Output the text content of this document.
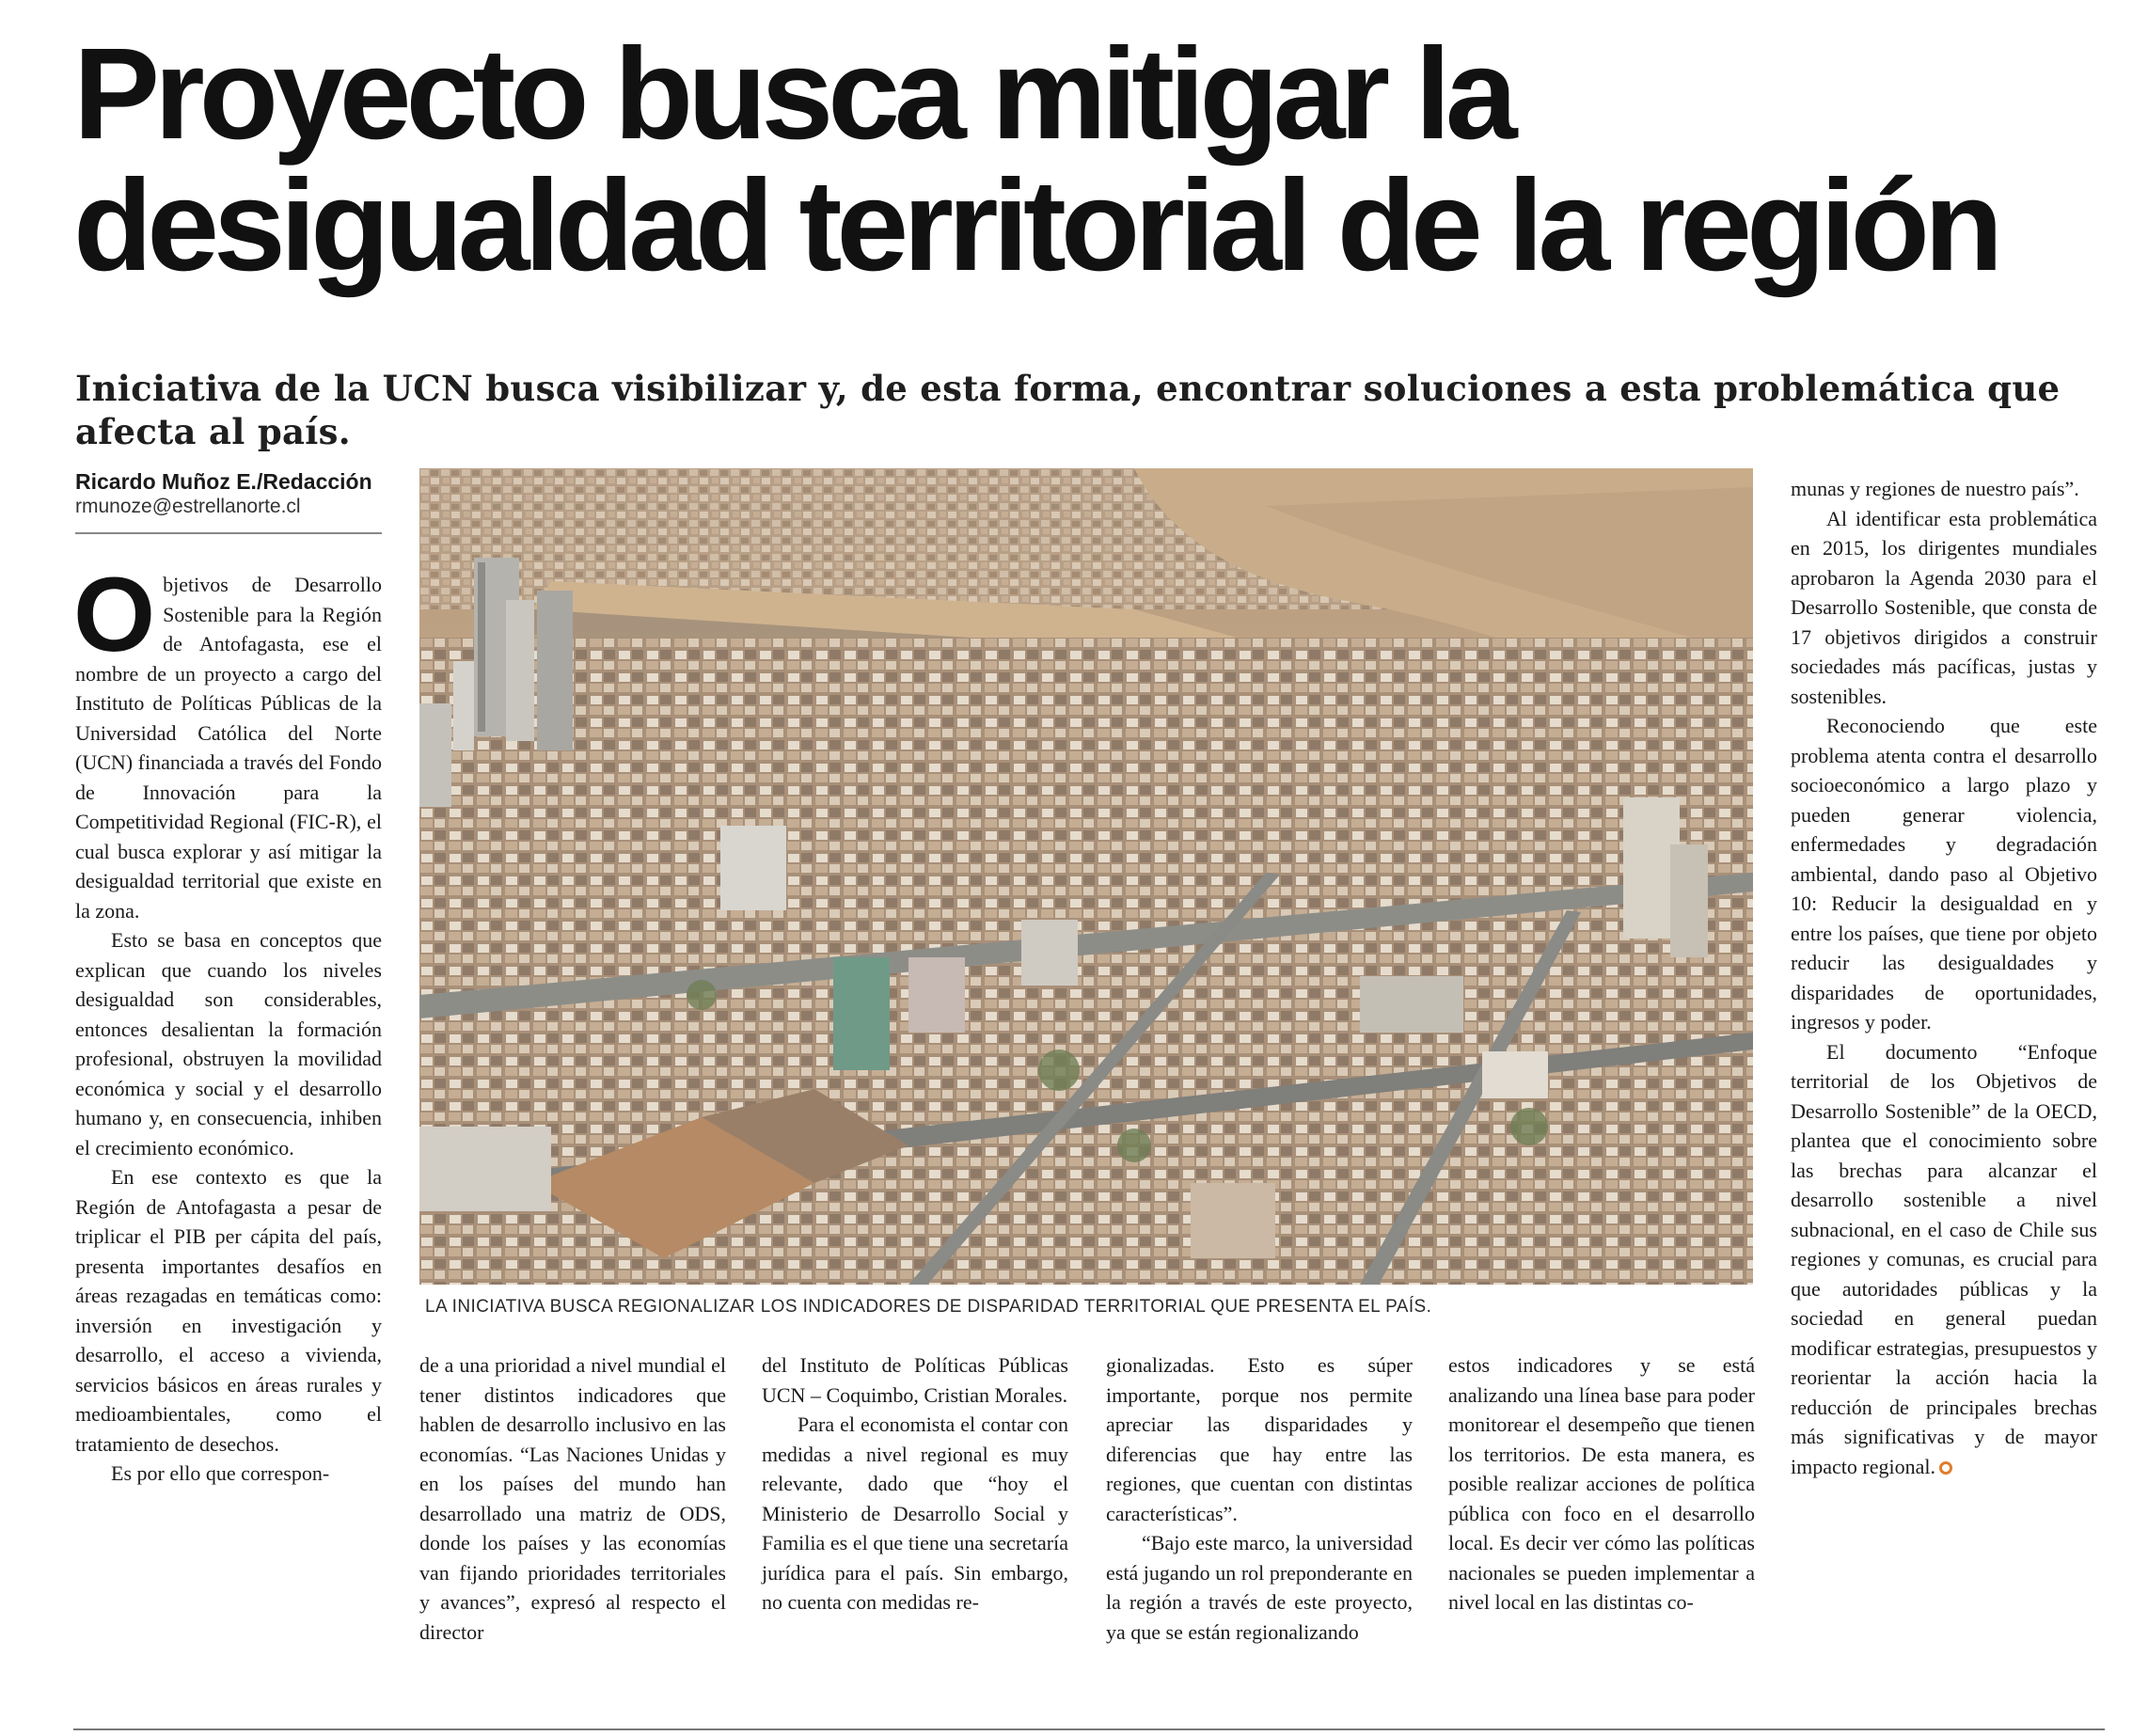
Proyecto busca mitigar la
desigualdad territorial de la región

Iniciativa de la UCN busca visibilizar y, de esta forma, encontrar soluciones a esta problemática que afecta al país.

Ricardo Muñoz E./Redacción
rmunoze@estrellanorte.cl

Objetivos de Desarrollo Sostenible para la Región de Antofagasta, ese el nombre de un proyecto a cargo del Instituto de Políticas Públicas de la Universidad Católica del Norte (UCN) financiada a través del Fondo de Innovación para la Competitividad Regional (FIC-R), el cual busca explorar y así mitigar la desigualdad territorial que existe en la zona.

Esto se basa en conceptos que explican que cuando los niveles desigualdad son considerables, entonces desalientan la formación profesional, obstruyen la movilidad económica y social y el desarrollo humano y, en consecuencia, inhiben el crecimiento económico.

En ese contexto es que la Región de Antofagasta a pesar de triplicar el PIB per cápita del país, presenta importantes desafíos en áreas rezagadas en temáticas como: inversión en investigación y desarrollo, el acceso a vivienda, servicios básicos en áreas rurales y medioambientales, como el tratamiento de desechos.

Es por ello que correspon-

LA INICIATIVA BUSCA REGIONALIZAR LOS INDICADORES DE DISPARIDAD TERRITORIAL QUE PRESENTA EL PAÍS.

de a una prioridad a nivel mundial el tener distintos indicadores que hablen de desarrollo inclusivo en las economías. “Las Naciones Unidas y en los países del mundo han desarrollado una matriz de ODS, donde los países y las economías van fijando prioridades territoriales y avances”, expresó al respecto el director

del Instituto de Políticas Públicas UCN – Coquimbo, Cristian Morales.

Para el economista el contar con medidas a nivel regional es muy relevante, dado que “hoy el Ministerio de Desarrollo Social y Familia es el que tiene una secretaría jurídica para el país. Sin embargo, no cuenta con medidas re-

gionalizadas. Esto es súper importante, porque nos permite apreciar las disparidades y diferencias que hay entre las regiones, que cuentan con distintas características”.

“Bajo este marco, la universidad está jugando un rol preponderante en la región a través de este proyecto, ya que se están regionalizando

estos indicadores y se está analizando una línea base para poder monitorear el desempeño que tienen los territorios. De esta manera, es posible realizar acciones de política pública con foco en el desarrollo local. Es decir ver cómo las políticas nacionales se pueden implementar a nivel local en las distintas co-

munas y regiones de nuestro país”.

Al identificar esta problemática en 2015, los dirigentes mundiales aprobaron la Agenda 2030 para el Desarrollo Sostenible, que consta de 17 objetivos dirigidos a construir sociedades más pacíficas, justas y sostenibles.

Reconociendo que este problema atenta contra el desarrollo socioeconómico a largo plazo y pueden generar violencia, enfermedades y degradación ambiental, dando paso al Objetivo 10: Reducir la desigualdad en y entre los países, que tiene por objeto reducir las desigualdades y disparidades de oportunidades, ingresos y poder.

El documento “Enfoque territorial de los Objetivos de Desarrollo Sostenible” de la OECD, plantea que el conocimiento sobre las brechas para alcanzar el desarrollo sostenible a nivel subnacional, en el caso de Chile sus regiones y comunas, es crucial para que autoridades públicas y la sociedad en general puedan modificar estrategias, presupuestos y reorientar la acción hacia la reducción de principales brechas más significativas y de mayor impacto regional.
